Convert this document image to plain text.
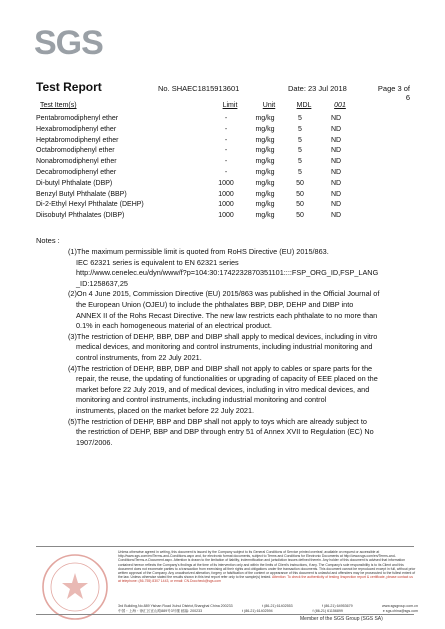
SGS
Test Report	No. SHAEC1815913601	Date: 23 Jul 2018	Page 3 of 6
Test Item(s)	Limit	Unit	MDL	001
Pentabromodiphenyl ether	-	mg/kg	5	ND
Hexabromodiphenyl ether	-	mg/kg	5	ND
Heptabromodiphenyl ether	-	mg/kg	5	ND
Octabromodiphenyl ether	-	mg/kg	5	ND
Nonabromodiphenyl ether	-	mg/kg	5	ND
Decabromodiphenyl ether	-	mg/kg	5	ND
Di-butyl Phthalate (DBP)	1000	mg/kg	50	ND
Benzyl Butyl Phthalate (BBP)	1000	mg/kg	50	ND
Di-2-Ethyl Hexyl Phthalate (DEHP)	1000	mg/kg	50	ND
Diisobutyl Phthalates (DIBP)	1000	mg/kg	50	ND
Notes :
(1)The maximum permissible limit is quoted from RoHS Directive (EU) 2015/863.
IEC 62321 series is equivalent to EN 62321 series
http://www.cenelec.eu/dyn/www/f?p=104:30:1742232870351101::::FSP_ORG_ID,FSP_LANG
_ID:1258637,25
(2)On 4 June 2015, Commission Directive (EU) 2015/863 was published in the Official Journal of
the European Union (OJEU) to include the phthalates BBP, DBP, DEHP and DIBP into
ANNEX II of the Rohs Recast Directive. The new law restricts each phthalate to no more than
0.1% in each homogeneous material of an electrical product.
(3)The restriction of DEHP, BBP, DBP and DIBP shall apply to medical devices, including in vitro
medical devices, and monitoring and control instruments, including industrial monitoring and
control instruments, from 22 July 2021.
(4)The restriction of DEHP, BBP, DBP and DIBP shall not apply to cables or spare parts for the
repair, the reuse, the updating of functionalities or upgrading of capacity of EEE placed on the
market before 22 July 2019, and of medical devices, including in vitro medical devices, and
monitoring and control instruments, including industrial monitoring and control
instruments, placed on the market before 22 July 2021.
(5)The restriction of DEHP, BBP and DBP shall not apply to toys which are already subject to
the restriction of DEHP, BBP and DBP through entry 51 of Annex XVII to Regulation (EC) No
1907/2006.
Unless otherwise agreed in writing, this document is issued by the Company subject to its General Conditions of Service printed overleaf, available on request or accessible at http://www.sgs.com/en/Terms-and-Conditions.aspx and, for electronic format documents, subject to Terms and Conditions for Electronic Documents at http://www.sgs.com/en/Terms-and-Conditions/Terms-e-Document.aspx. Attention is drawn to the limitation of liability, indemnification and jurisdiction issues defined therein. Any holder of this document is advised that information contained hereon reflects the Company's findings at the time of its intervention only and within the limits of Client's instructions, if any. The Company's sole responsibility is to its Client and this document does not exonerate parties to a transaction from exercising all their rights and obligations under the transaction documents. This document cannot be reproduced except in full, without prior written approval of the Company. Any unauthorized alteration, forgery or falsification of the content or appearance of this document is unlawful and offenders may be prosecuted to the fullest extent of the law. Unless otherwise stated the results shown in this test report refer only to the sample(s) tested. Attention: To check the authenticity of testing /inspection report & certificate, please contact us at telephone: (86-755) 8307 1443, or email: CN.Doccheck@sgs.com
3rd Building,No.889 Yishan Road Xuhui District,Shanghai China 200233	t (86-21) 61402553	f (86-21) 64953679	www.sgsgroup.com.cn
中国・上海・徐汇区宜山路889号3号楼 邮编: 200233	t (86-21) 61402594	f (86-21) 61156899	e sgs.china@sgs.com
Member of the SGS Group (SGS SA)
